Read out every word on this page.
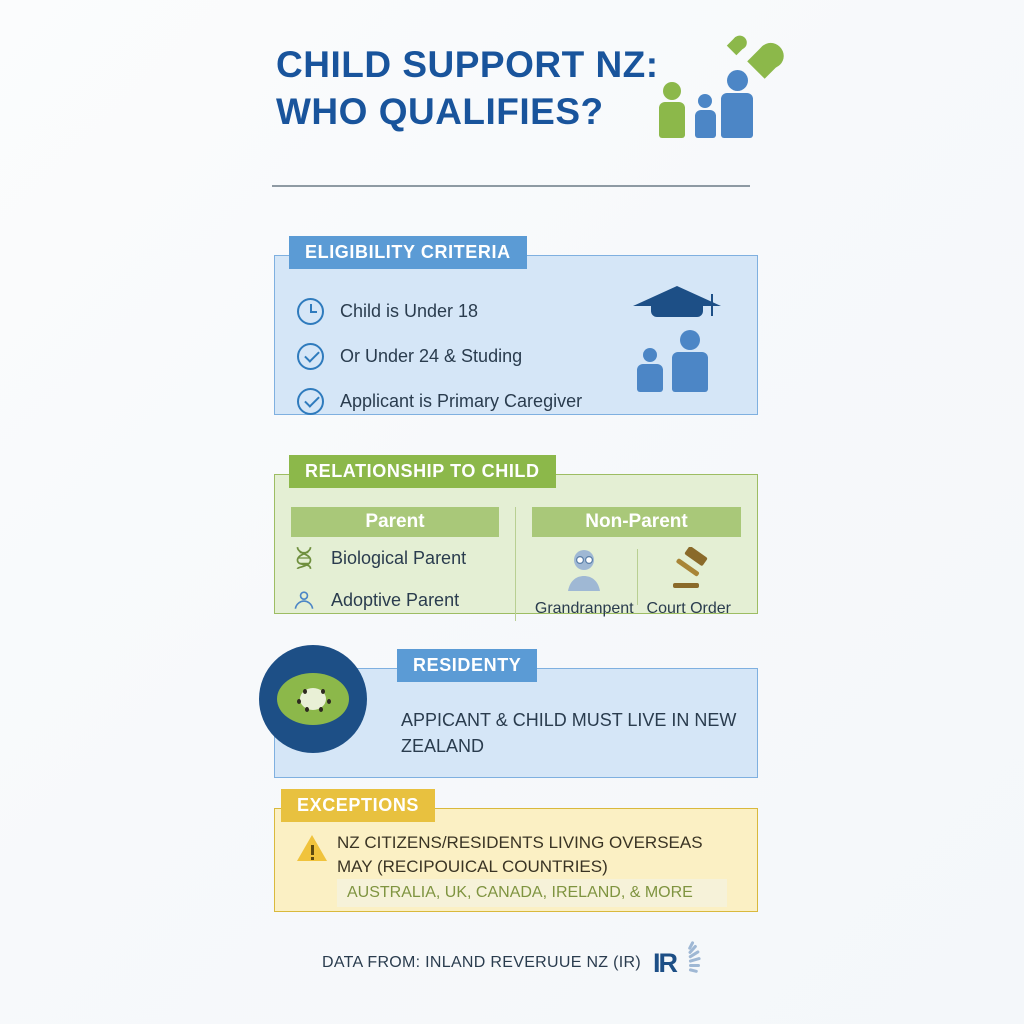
CHILD SUPPORT NZ:
WHO QUALIFIES?
ELIGIBILITY CRITERIA
Child is Under 18
Or Under 24 & Studing
Applicant is Primary Caregiver
RELATIONSHIP TO CHILD
Parent
Biological Parent
Adoptive Parent
Non-Parent
Grandranpent Court Order
RESIDENTY
APPICANT & CHILD MUST LIVE IN NEW ZEALAND
EXCEPTIONS
NZ CITIZENS/RESIDENTS LIVING OVERSEAS MAY (RECIPOUICAL COUNTRIES)
AUSTRALIA, UK, CANADA, IRELAND, & MORE
DATA FROM: INLAND REVERUUE NZ (IR) IR
